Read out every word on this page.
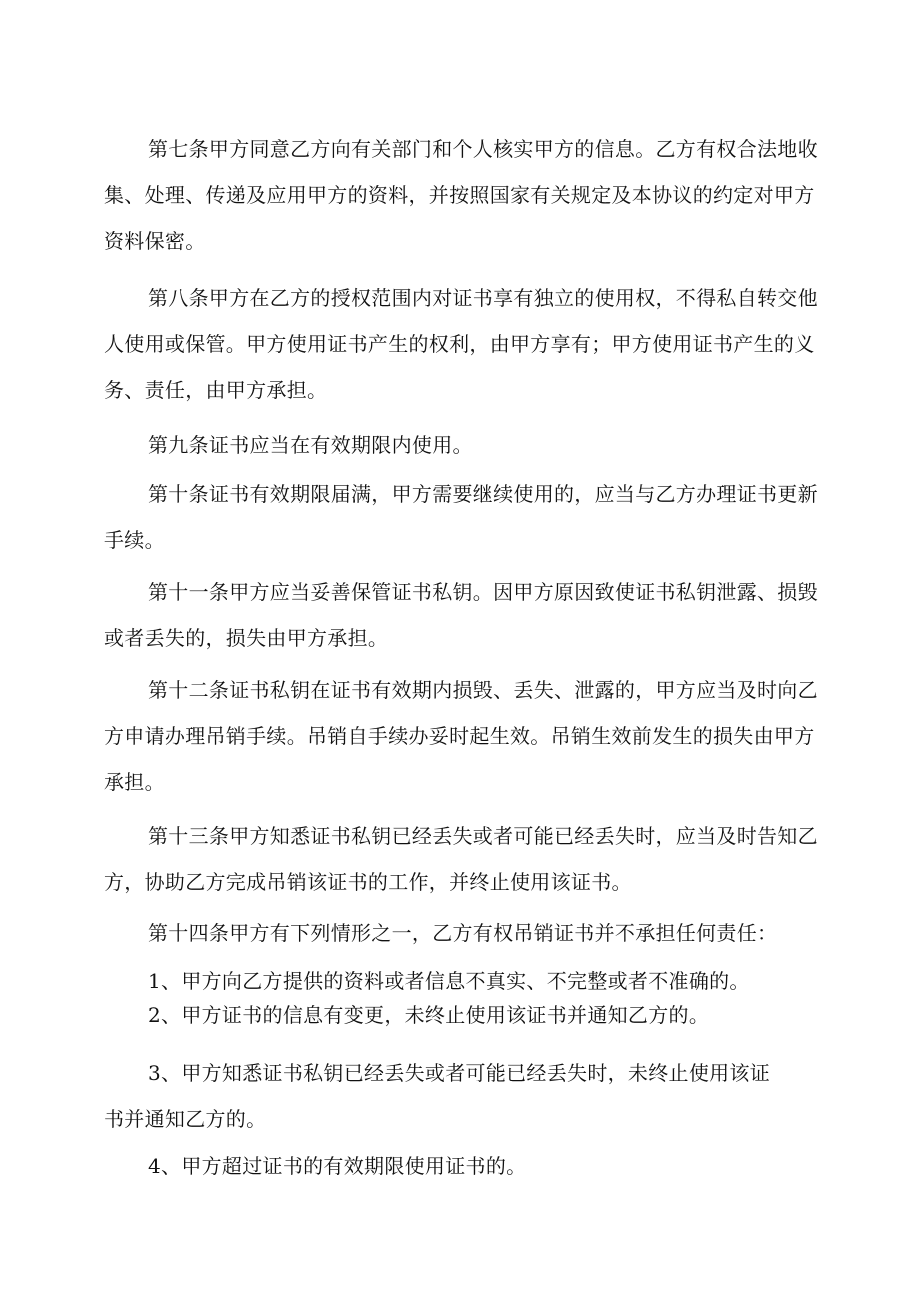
第七条甲方同意乙方向有关部门和个人核实甲方的信息。乙方有权合法地收
集、处理、传递及应用甲方的资料，并按照国家有关规定及本协议的约定对甲方
资料保密。
第八条甲方在乙方的授权范围内对证书享有独立的使用权，不得私自转交他
人使用或保管。甲方使用证书产生的权利，由甲方享有；甲方使用证书产生的义
务、责任，由甲方承担。
第九条证书应当在有效期限内使用。
第十条证书有效期限届满，甲方需要继续使用的，应当与乙方办理证书更新
手续。
第十一条甲方应当妥善保管证书私钥。因甲方原因致使证书私钥泄露、损毁
或者丢失的，损失由甲方承担。
第十二条证书私钥在证书有效期内损毁、丢失、泄露的，甲方应当及时向乙
方申请办理吊销手续。吊销自手续办妥时起生效。吊销生效前发生的损失由甲方
承担。
第十三条甲方知悉证书私钥已经丢失或者可能已经丢失时，应当及时告知乙
方，协助乙方完成吊销该证书的工作，并终止使用该证书。
第十四条甲方有下列情形之一，乙方有权吊销证书并不承担任何责任：
1、甲方向乙方提供的资料或者信息不真实、不完整或者不准确的。
2、甲方证书的信息有变更，未终止使用该证书并通知乙方的。
3、甲方知悉证书私钥已经丢失或者可能已经丢失时，未终止使用该证
书并通知乙方的。
4、甲方超过证书的有效期限使用证书的。
